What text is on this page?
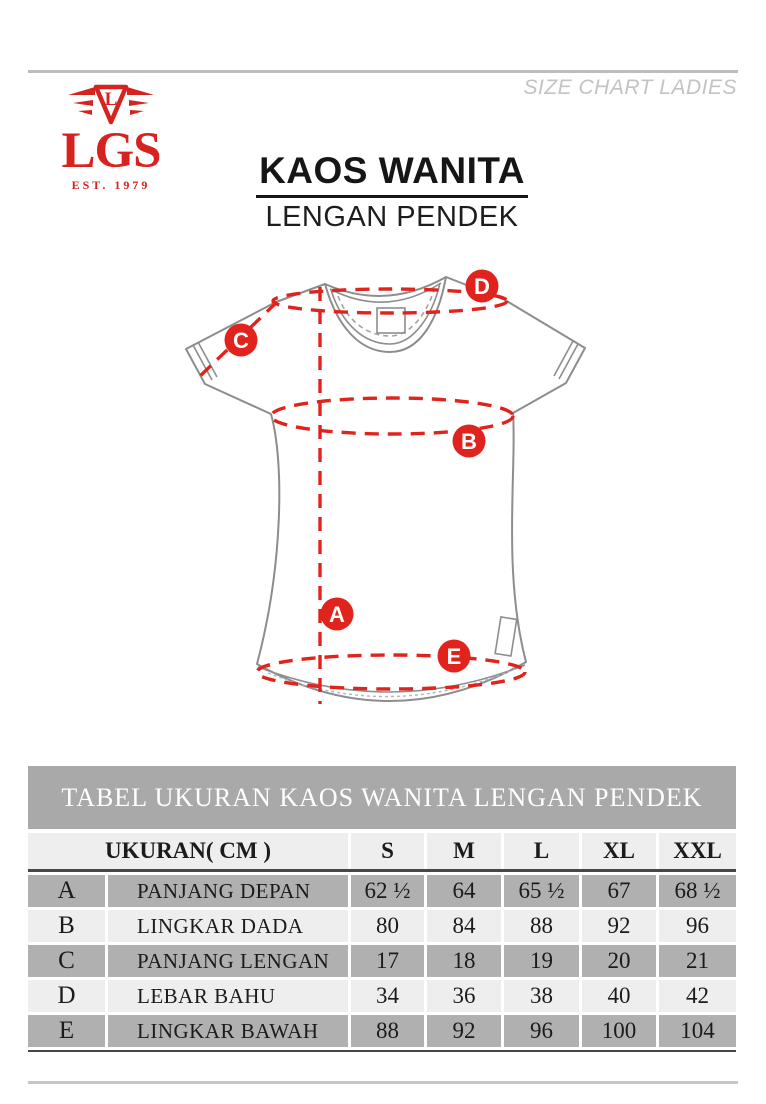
SIZE CHART LADIES
L
LGS
EST. 1979	KAOS WANITA
LENGAN PENDEK
A
B
C
D
E
TABEL UKURAN KAOS WANITA LENGAN PENDEK
UKURAN( CM )	S	M	L	XL	XXL
A	PANJANG DEPAN	62 ½	64	65 ½	67	68 ½
B	LINGKAR DADA	80	84	88	92	96
C	PANJANG LENGAN	17	18	19	20	21
D	LEBAR BAHU	34	36	38	40	42
E	LINGKAR BAWAH	88	92	96	100	104
